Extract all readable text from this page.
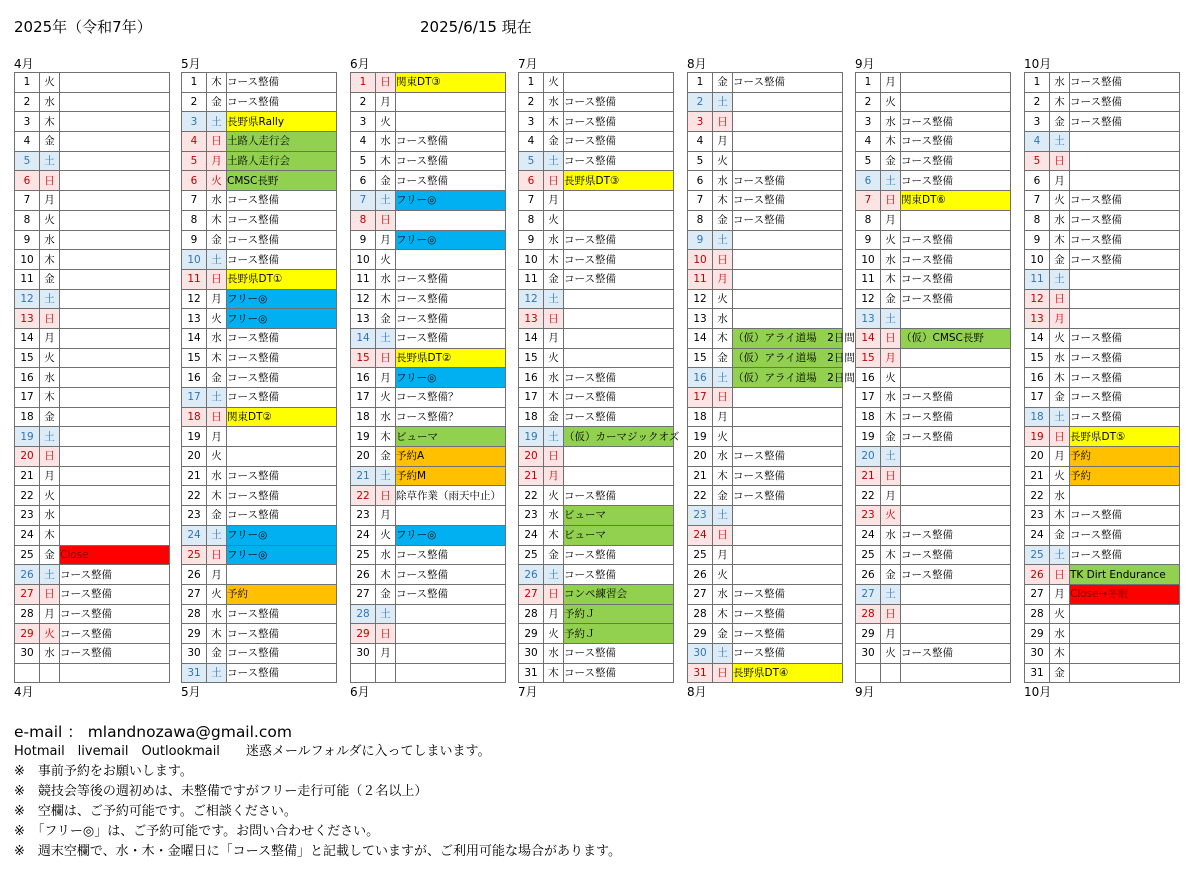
2025年（令和7年）	2025/6/15 現在
4月
1	火	
2	水	
3	木	
4	金	
5	土	
6	日	
7	月	
8	火	
9	水	
10	木	
11	金	
12	土	
13	日	
14	月	
15	火	
16	水	
17	木	
18	金	
19	土	
20	日	
21	月	
22	火	
23	水	
24	木	
25	金	Close
26	土	コース整備
27	日	コース整備
28	月	コース整備
29	火	コース整備
30	水	コース整備

4月
5月
1	木	コース整備
2	金	コース整備
3	土	長野県Rally
4	日	土路人走行会
5	月	土路人走行会
6	火	CMSC長野
7	水	コース整備
8	木	コース整備
9	金	コース整備
10	土	コース整備
11	日	長野県DT①
12	月	フリー◎
13	火	フリー◎
14	水	コース整備
15	木	コース整備
16	金	コース整備
17	土	コース整備
18	日	関東DT②
19	月	
20	火	
21	水	コース整備
22	木	コース整備
23	金	コース整備
24	土	フリー◎
25	日	フリー◎
26	月	
27	火	予約
28	水	コース整備
29	木	コース整備
30	金	コース整備
31	土	コース整備
5月
6月
1	日	関東DT③
2	月	
3	火	
4	水	コース整備
5	木	コース整備
6	金	コース整備
7	土	フリー◎
8	日	
9	月	フリー◎
10	火	
11	水	コース整備
12	木	コース整備
13	金	コース整備
14	土	コース整備
15	日	長野県DT②
16	月	フリー◎
17	火	コース整備？
18	水	コース整備？
19	木	ビューマ
20	金	予約A
21	土	予約M
22	日	除草作業（雨天中止）
23	月	
24	火	フリー◎
25	水	コース整備
26	木	コース整備
27	金	コース整備
28	土	
29	日	
30	月	

6月
7月
1	火	
2	水	コース整備
3	木	コース整備
4	金	コース整備
5	土	コース整備
6	日	長野県DT③
7	月	
8	火	
9	水	コース整備
10	木	コース整備
11	金	コース整備
12	土	
13	日	
14	月	
15	火	
16	水	コース整備
17	木	コース整備
18	金	コース整備
19	土	（仮）カーマジックオズ
20	日	
21	月	
22	火	コース整備
23	水	ビューマ
24	木	ビューマ
25	金	コース整備
26	土	コース整備
27	日	コンペ練習会
28	月	予約Ｊ
29	火	予約Ｊ
30	水	コース整備
31	木	コース整備
7月
8月
1	金	コース整備
2	土	
3	日	
4	月	
5	火	
6	水	コース整備
7	木	コース整備
8	金	コース整備
9	土	
10	日	
11	月	
12	火	
13	水	
14	木	（仮）アライ道場　2日間
15	金	（仮）アライ道場　2日間
16	土	（仮）アライ道場　2日間
17	日	
18	月	
19	火	
20	水	コース整備
21	木	コース整備
22	金	コース整備
23	土	
24	日	
25	月	
26	火	
27	水	コース整備
28	木	コース整備
29	金	コース整備
30	土	コース整備
31	日	長野県DT④
8月
9月
1	月	
2	火	
3	水	コース整備
4	木	コース整備
5	金	コース整備
6	土	コース整備
7	日	関東DT⑥
8	月	
9	火	コース整備
10	水	コース整備
11	木	コース整備
12	金	コース整備
13	土	
14	日	（仮）CMSC長野
15	月	
16	火	
17	水	コース整備
18	木	コース整備
19	金	コース整備
20	土	
21	日	
22	月	
23	火	
24	水	コース整備
25	木	コース整備
26	金	コース整備
27	土	
28	日	
29	月	
30	火	コース整備

9月
10月
1	水	コース整備
2	木	コース整備
3	金	コース整備
4	土	
5	日	
6	月	
7	火	コース整備
8	水	コース整備
9	木	コース整備
10	金	コース整備
11	土	
12	日	
13	月	
14	火	コース整備
15	水	コース整備
16	木	コース整備
17	金	コース整備
18	土	コース整備
19	日	長野県DT⑤
20	月	予約
21	火	予約
22	水	
23	木	コース整備
24	金	コース整備
25	土	コース整備
26	日	TK Dirt Endurance
27	月	Close→冬眠
28	火	
29	水	
30	木	
31	金	
10月
e-mail ： mlandnozawa@gmail.com
Hotmail　livemail　Outlookmail　　迷惑メールフォルダに入ってしまいます。
※　事前予約をお願いします。
※　競技会等後の週初めは、未整備ですがフリー走行可能（２名以上）
※　空欄は、ご予約可能です。ご相談ください。
※　「フリー◎」は、ご予約可能です。お問い合わせください。
※　週末空欄で、水・木・金曜日に「コース整備」と記載していますが、ご利用可能な場合があります。
